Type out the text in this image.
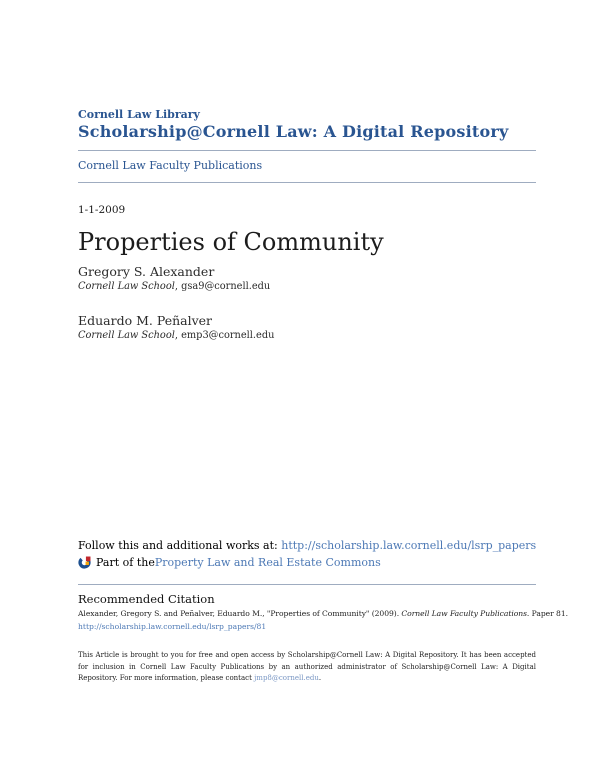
Cornell Law Library
Scholarship@Cornell Law: A Digital Repository
Cornell Law Faculty Publications
1-1-2009
Properties of Community
Gregory S. Alexander
Cornell Law School, gsa9@cornell.edu
Eduardo M. Peñalver
Cornell Law School, emp3@cornell.edu
Follow this and additional works at: http://scholarship.law.cornell.edu/lsrp_papers
Part of the Property Law and Real Estate Commons
Recommended Citation
Alexander, Gregory S. and Peñalver, Eduardo M., "Properties of Community" (2009). Cornell Law Faculty Publications. Paper 81.
http://scholarship.law.cornell.edu/lsrp_papers/81
This Article is brought to you for free and open access by Scholarship@Cornell Law: A Digital Repository. It has been accepted for inclusion in Cornell Law Faculty Publications by an authorized administrator of Scholarship@Cornell Law: A Digital Repository. For more information, please contact jmp8@cornell.edu.
